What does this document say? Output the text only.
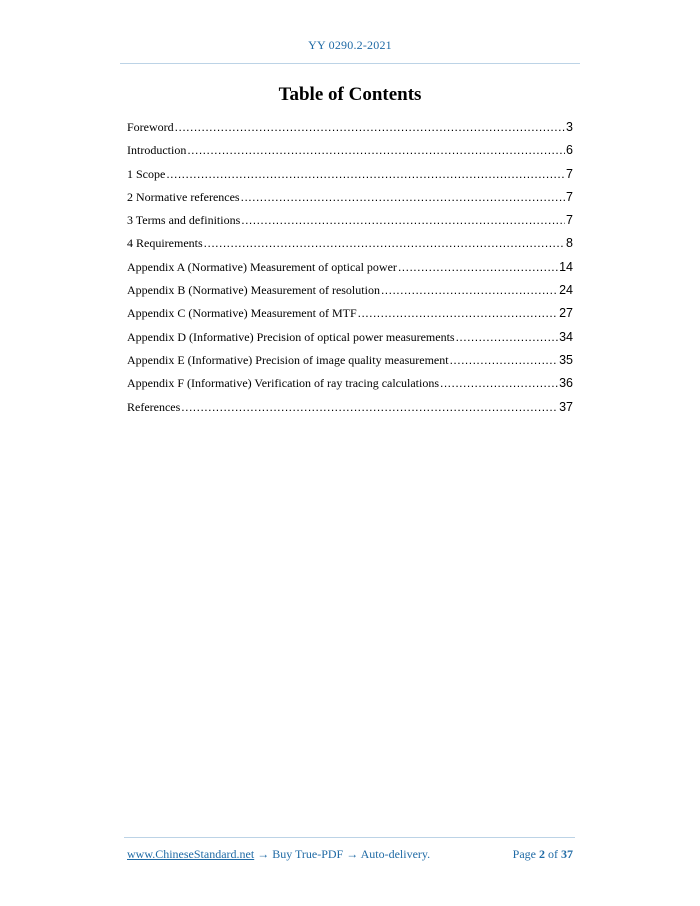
YY 0290.2-2021
Table of Contents
Foreword .....	3
Introduction .....	6
1 Scope .....	7
2 Normative references .....	7
3 Terms and definitions .....	7
4 Requirements .....	8
Appendix A (Normative) Measurement of optical power .....	14
Appendix B (Normative) Measurement of resolution .....	24
Appendix C (Normative) Measurement of MTF .....	27
Appendix D (Informative) Precision of optical power measurements .....	34
Appendix E (Informative) Precision of image quality measurement .....	35
Appendix F (Informative) Verification of ray tracing calculations .....	36
References .....	37
www.ChineseStandard.net → Buy True-PDF → Auto-delivery.	Page 2 of 37
